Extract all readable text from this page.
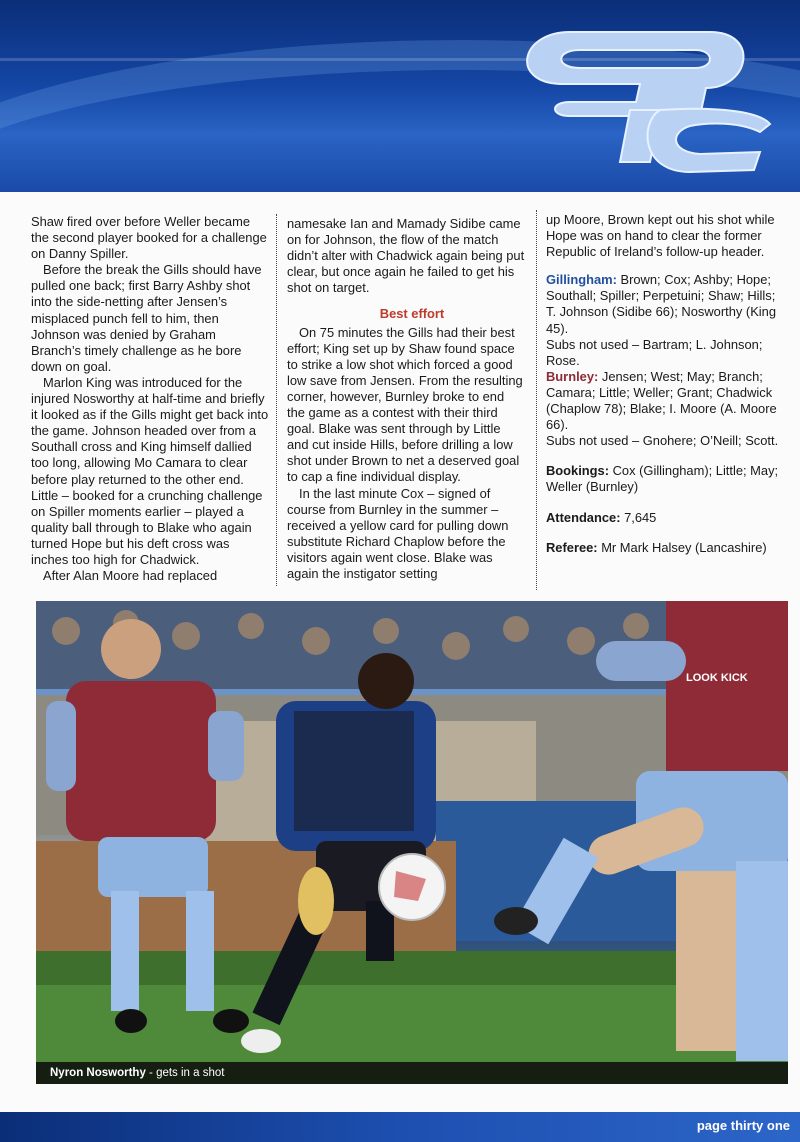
Shaw fired over before Weller became the second player booked for a challenge on Danny Spiller.

Before the break the Gills should have pulled one back; first Barry Ashby shot into the side-netting after Jensen’s misplaced punch fell to him, then Johnson was denied by Graham Branch’s timely challenge as he bore down on goal.

Marlon King was introduced for the injured Nosworthy at half-time and briefly it looked as if the Gills might get back into the game. Johnson headed over from a Southall cross and King himself dallied too long, allowing Mo Camara to clear before play returned to the other end. Little – booked for a crunching challenge on Spiller moments earlier – played a quality ball through to Blake who again turned Hope but his deft cross was inches too high for Chadwick.

After Alan Moore had replaced

namesake Ian and Mamady Sidibe came on for Johnson, the flow of the match didn’t alter with Chadwick again being put clear, but once again he failed to get his shot on target.

Best effort

On 75 minutes the Gills had their best effort; King set up by Shaw found space to strike a low shot which forced a good low save from Jensen. From the resulting corner, however, Burnley broke to end the game as a contest with their third goal. Blake was sent through by Little and cut inside Hills, before drilling a low shot under Brown to net a deserved goal to cap a fine individual display.

In the last minute Cox – signed of course from Burnley in the summer – received a yellow card for pulling down substitute Richard Chaplow before the visitors again went close. Blake was again the instigator setting

up Moore, Brown kept out his shot while Hope was on hand to clear the former Republic of Ireland’s follow-up header.

Gillingham: Brown; Cox; Ashby; Hope; Southall; Spiller; Perpetuini; Shaw; Hills; T. Johnson (Sidibe 66); Nosworthy (King 45).

Subs not used – Bartram; L. Johnson; Rose.

Burnley: Jensen; West; May; Branch; Camara; Little; Weller; Grant; Chadwick (Chaplow 78); Blake; I. Moore (A. Moore 66).

Subs not used – Gnohere; O’Neill; Scott.

Bookings: Cox (Gillingham); Little; May; Weller (Burnley)

Attendance: 7,645

Referee: Mr Mark Halsey (Lancashire)

LOOK KICK
Nyron Nosworthy - gets in a shot
page thirty one
